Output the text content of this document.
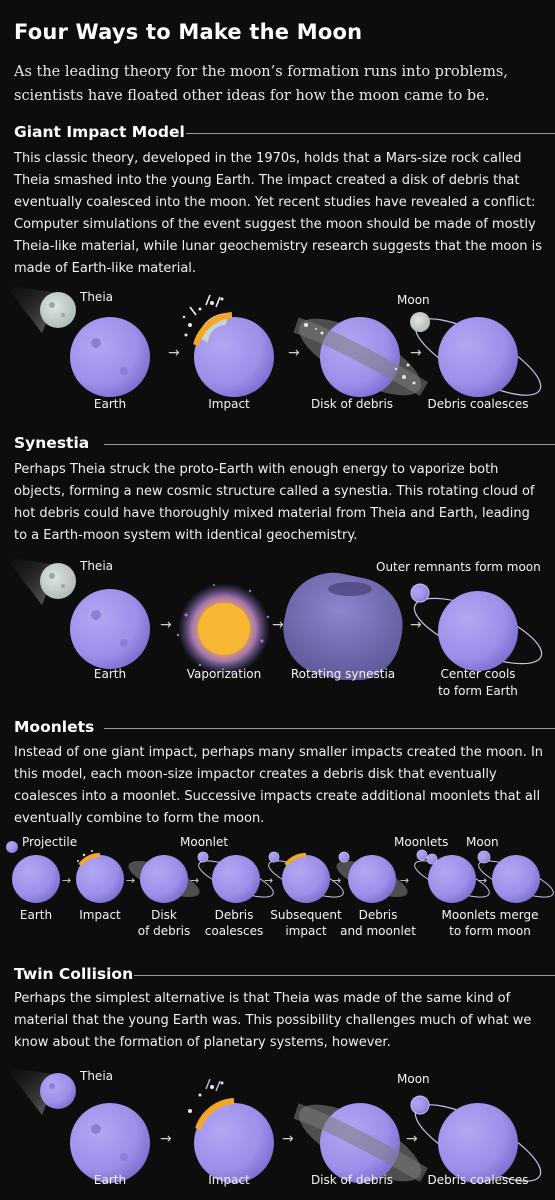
Four Ways to Make the Moon
As the leading theory for the moon’s formation runs into problems, scientists have floated other ideas for how the moon came to be.
Giant Impact Model
This classic theory, developed in the 1970s, holds that a Mars-size rock called Theia smashed into the young Earth. The impact created a disk of debris that eventually coalesced into the moon. Yet recent studies have revealed a conflict: Computer simulations of the event suggest the moon should be made of mostly Theia-like material, while lunar geochemistry research suggests that the moon is made of Earth-like material.
→	→	→
Theia	Moon
Earth	Impact	Disk of debris	Debris coalesces
Synestia
Perhaps Theia struck the proto-Earth with enough energy to vaporize both objects, forming a new cosmic structure called a synestia. This rotating cloud of hot debris could have thoroughly mixed material from Theia and Earth, leading to a Earth-moon system with identical geochemistry.
→	→	→
Theia	Outer remnants form moon
Earth	Vaporization Rotating synestia	Center cools
to form Earth
Moonlets
Instead of one giant impact, perhaps many smaller impacts created the moon. In this model, each moon-size impactor creates a debris disk that eventually coalesces into a moonlet. Successive impacts create additional moonlets that all eventually combine to form the moon.
→	→	→	→	→	→	→
Projectile	Moonlet	Moonlets Moon
Earth Impact	Disk
of debris
Debris
coalesces
Subsequent
impact
Debris
and moonlet
Moonlets merge
to form moon
Twin Collision
Perhaps the simplest alternative is that Theia was made of the same kind of material that the young Earth was. This possibility challenges much of what we know about the formation of planetary systems, however.
→	→	→
Theia	Moon
Earth	Impact	Disk of debris	Debris coalesces
